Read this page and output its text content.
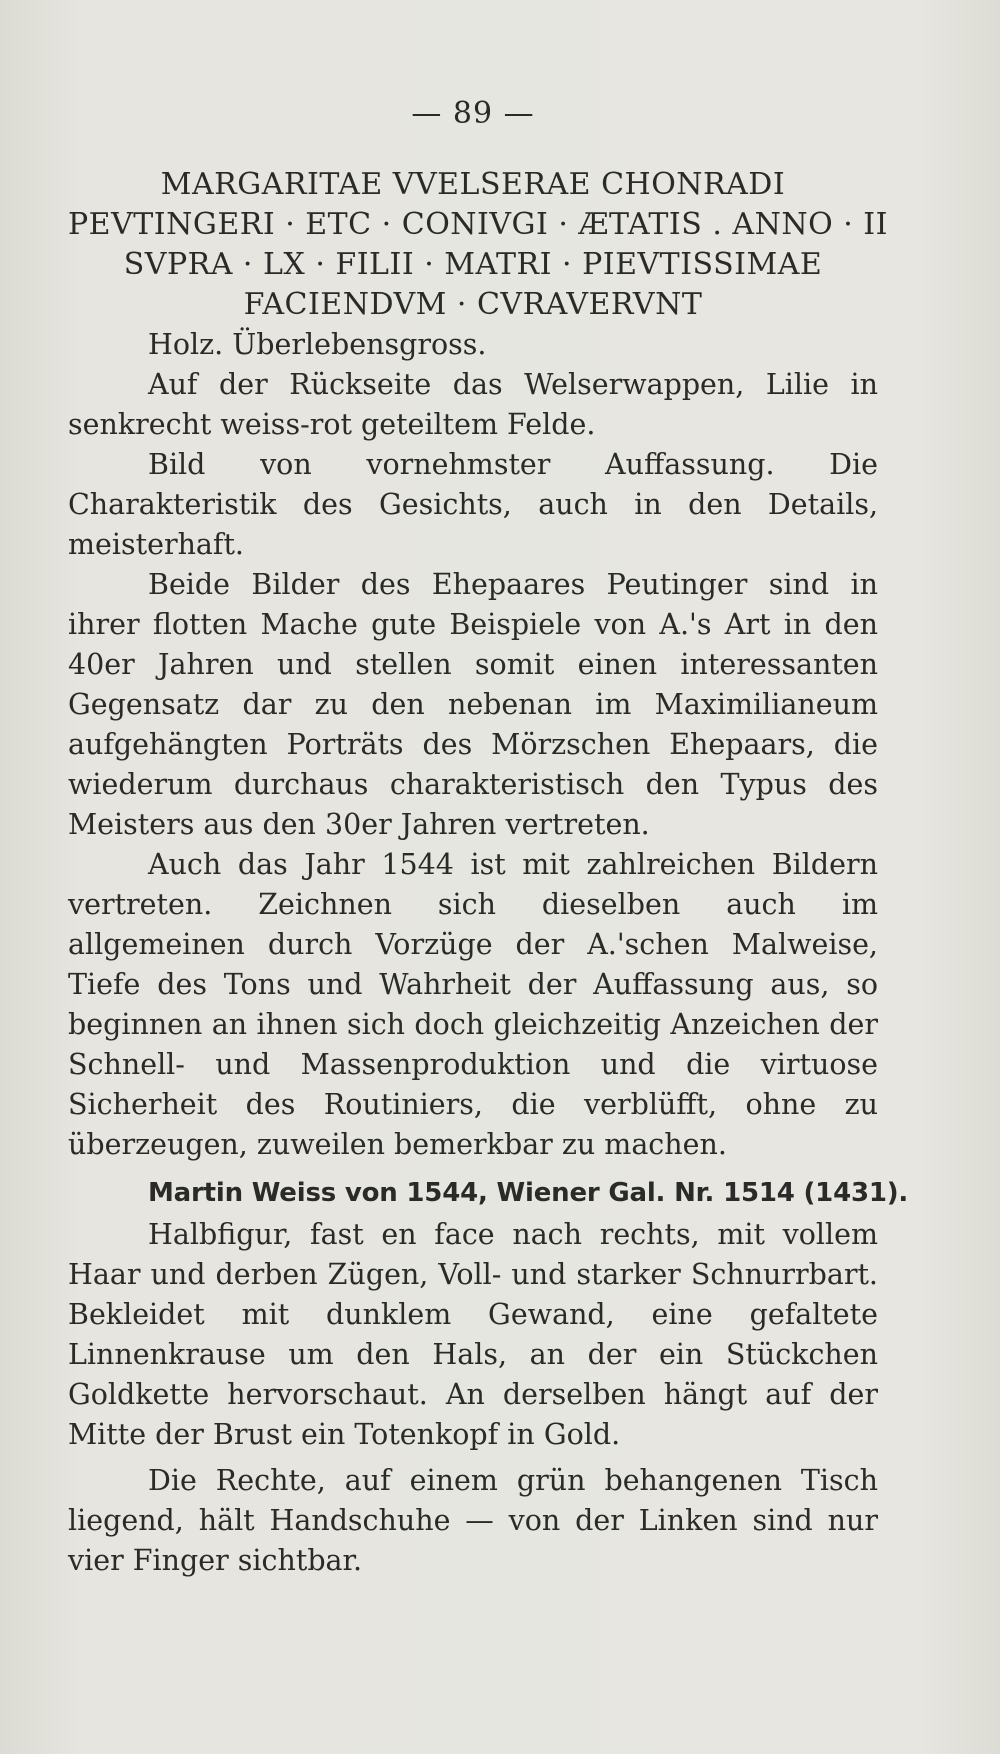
— 89 —

MARGARITAE VVELSERAE CHONRADI
PEVTINGERI · ETC · CONIVGI · ÆTATIS . ANNO · II
SVPRA · LX · FILII · MATRI · PIEVTISSIMAE
FACIENDVM · CVRAVERVNT

Holz. Überlebensgross.

Auf der Rückseite das Welserwappen, Lilie in senkrecht weiss-rot geteiltem Felde.

Bild von vornehmster Auffassung. Die Charakteristik des Gesichts, auch in den Details, meisterhaft.

Beide Bilder des Ehepaares Peutinger sind in ihrer flotten Mache gute Beispiele von A.'s Art in den 40er Jahren und stellen somit einen interessanten Gegensatz dar zu den nebenan im Maximilianeum aufgehängten Porträts des Mörzschen Ehepaars, die wiederum durchaus charakteristisch den Typus des Meisters aus den 30er Jahren vertreten.

Auch das Jahr 1544 ist mit zahlreichen Bildern vertreten. Zeichnen sich dieselben auch im allgemeinen durch Vorzüge der A.'schen Malweise, Tiefe des Tons und Wahrheit der Auffassung aus, so beginnen an ihnen sich doch gleichzeitig Anzeichen der Schnell- und Massenproduktion und die virtuose Sicherheit des Routiniers, die verblüfft, ohne zu überzeugen, zuweilen bemerkbar zu machen.

Martin Weiss von 1544, Wiener Gal. Nr. 1514 (1431).

Halbfigur, fast en face nach rechts, mit vollem Haar und derben Zügen, Voll- und starker Schnurrbart. Bekleidet mit dunklem Gewand, eine gefaltete Linnenkrause um den Hals, an der ein Stückchen Goldkette hervorschaut. An derselben hängt auf der Mitte der Brust ein Totenkopf in Gold.

Die Rechte, auf einem grün behangenen Tisch liegend, hält Handschuhe — von der Linken sind nur vier Finger sichtbar.
